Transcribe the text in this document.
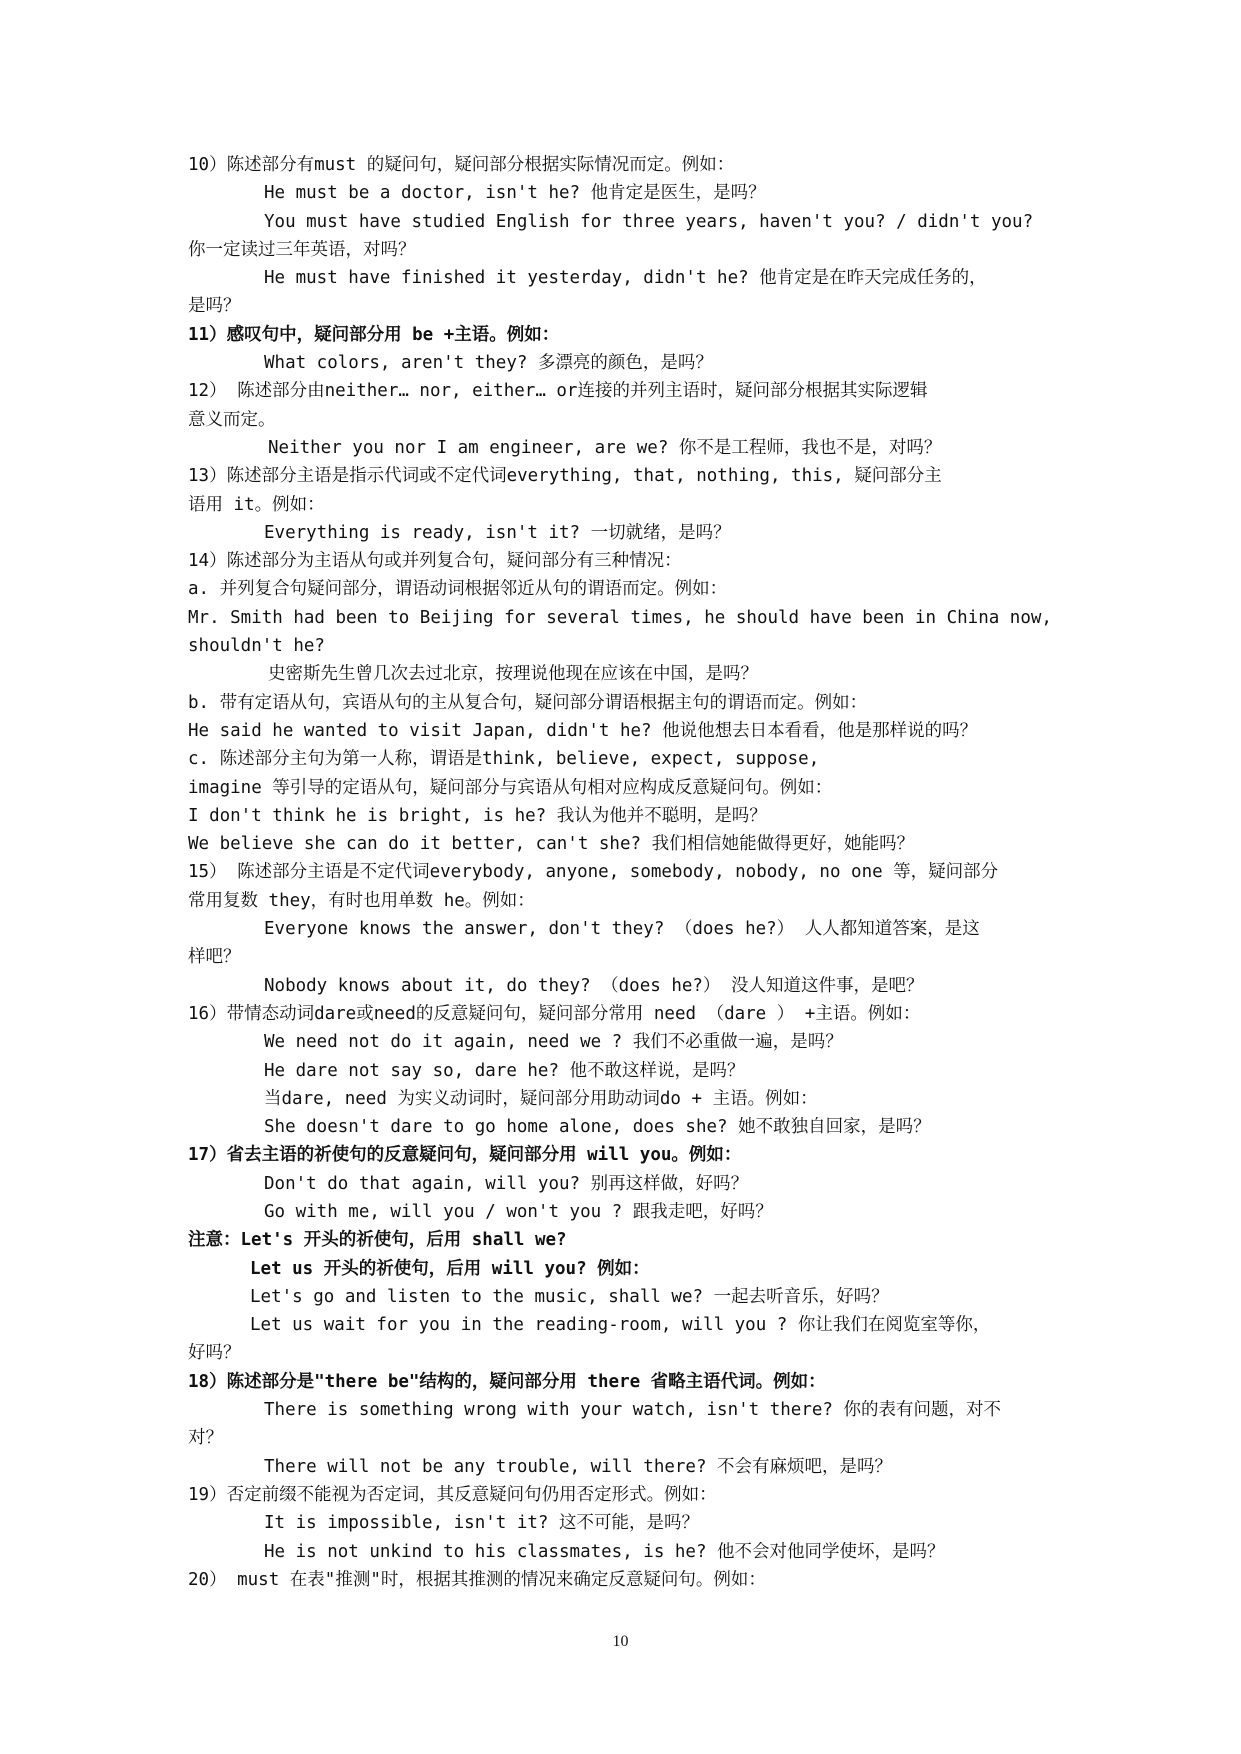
10）陈述部分有must 的疑问句，疑问部分根据实际情况而定。例如：
He must be a doctor, isn't he? 他肯定是医生，是吗？
You must have studied English for three years, haven't you? / didn't you?
你一定读过三年英语，对吗？
He must have finished it yesterday, didn't he? 他肯定是在昨天完成任务的，
是吗？
11）感叹句中，疑问部分用 be +主语。例如：
What colors, aren't they? 多漂亮的颜色，是吗？
12） 陈述部分由neither… nor, either… or连接的并列主语时，疑问部分根据其实际逻辑
意义而定。
Neither you nor I am engineer, are we? 你不是工程师，我也不是，对吗？
13）陈述部分主语是指示代词或不定代词everything, that, nothing, this, 疑问部分主
语用 it。例如：
Everything is ready, isn't it? 一切就绪，是吗？
14）陈述部分为主语从句或并列复合句，疑问部分有三种情况：
a. 并列复合句疑问部分，谓语动词根据邻近从句的谓语而定。例如：
Mr. Smith had been to Beijing for several times, he should have been in China now,
shouldn't he?
史密斯先生曾几次去过北京，按理说他现在应该在中国，是吗？
b. 带有定语从句，宾语从句的主从复合句，疑问部分谓语根据主句的谓语而定。例如：
He said he wanted to visit Japan, didn't he? 他说他想去日本看看，他是那样说的吗？
c. 陈述部分主句为第一人称，谓语是think, believe, expect, suppose,
imagine 等引导的定语从句，疑问部分与宾语从句相对应构成反意疑问句。例如：
I don't think he is bright, is he? 我认为他并不聪明，是吗？
We believe she can do it better, can't she? 我们相信她能做得更好，她能吗？
15） 陈述部分主语是不定代词everybody, anyone, somebody, nobody, no one 等，疑问部分
常用复数 they，有时也用单数 he。例如：
Everyone knows the answer, don't they? （does he?） 人人都知道答案，是这
样吧？
Nobody knows about it, do they? （does he?） 没人知道这件事，是吧？
16）带情态动词dare或need的反意疑问句，疑问部分常用 need （dare ） +主语。例如：
We need not do it again, need we ? 我们不必重做一遍，是吗？
He dare not say so, dare he? 他不敢这样说，是吗？
当dare, need 为实义动词时，疑问部分用助动词do + 主语。例如：
She doesn't dare to go home alone, does she? 她不敢独自回家，是吗？
17）省去主语的祈使句的反意疑问句，疑问部分用 will you。例如：
Don't do that again, will you? 别再这样做，好吗？
Go with me, will you / won't you ? 跟我走吧，好吗？
注意：Let's 开头的祈使句，后用 shall we?
Let us 开头的祈使句，后用 will you? 例如：
Let's go and listen to the music, shall we? 一起去听音乐，好吗？
Let us wait for you in the reading-room, will you ? 你让我们在阅览室等你，
好吗？
18）陈述部分是"there be"结构的，疑问部分用 there 省略主语代词。例如：
There is something wrong with your watch, isn't there? 你的表有问题，对不
对？
There will not be any trouble, will there? 不会有麻烦吧，是吗？
19）否定前缀不能视为否定词，其反意疑问句仍用否定形式。例如：
It is impossible, isn't it? 这不可能，是吗？
He is not unkind to his classmates, is he? 他不会对他同学使坏，是吗？
20） must 在表"推测"时，根据其推测的情况来确定反意疑问句。例如：
10
